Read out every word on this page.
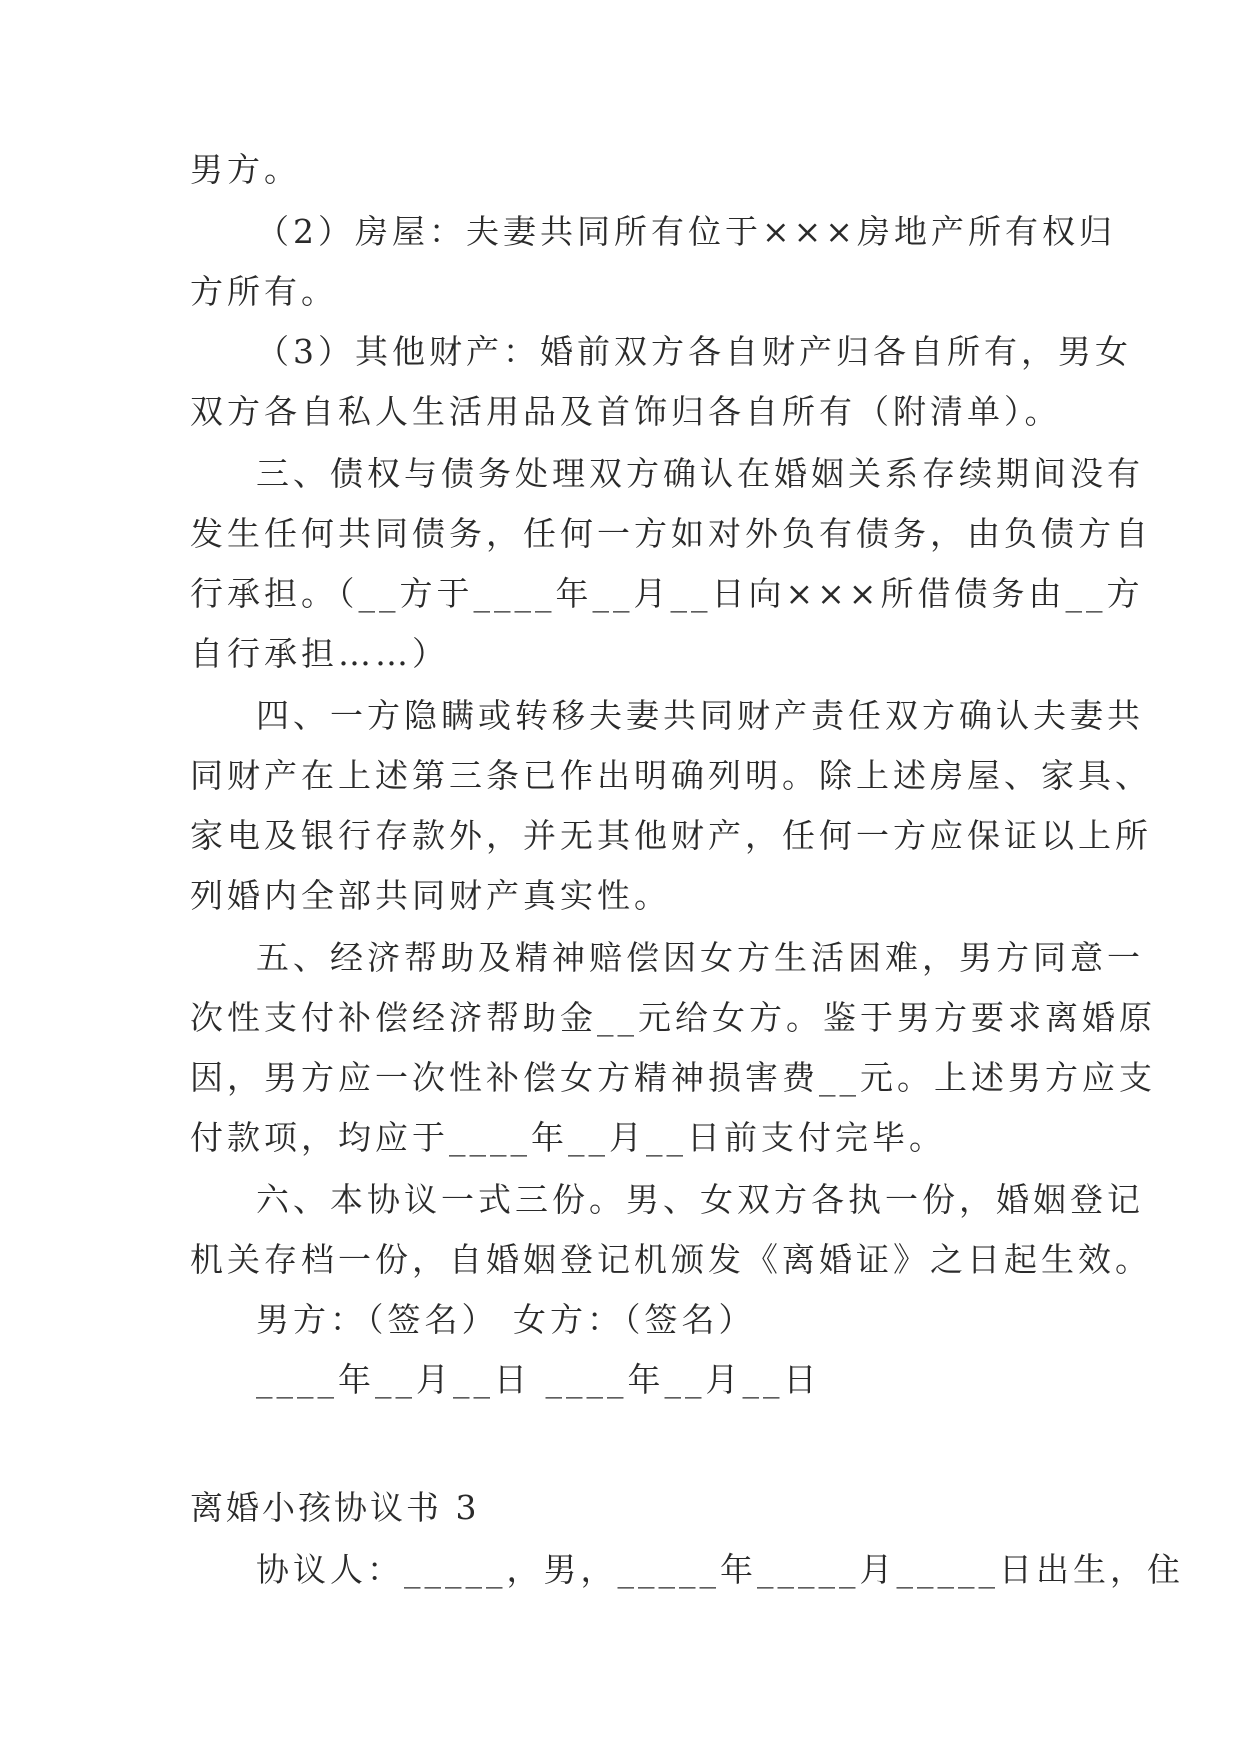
男方。
（2）房屋：夫妻共同所有位于×××房地产所有权归
方所有。
（3）其他财产：婚前双方各自财产归各自所有，男女
双方各自私人生活用品及首饰归各自所有（附清单）。
三、债权与债务处理双方确认在婚姻关系存续期间没有
发生任何共同债务，任何一方如对外负有债务，由负债方自
行承担。（__方于____年__月__日向×××所借债务由__方
自行承担……）
四、一方隐瞒或转移夫妻共同财产责任双方确认夫妻共
同财产在上述第三条已作出明确列明。除上述房屋、家具、
家电及银行存款外，并无其他财产，任何一方应保证以上所
列婚内全部共同财产真实性。
五、经济帮助及精神赔偿因女方生活困难，男方同意一
次性支付补偿经济帮助金__元给女方。鉴于男方要求离婚原
因，男方应一次性补偿女方精神损害费__元。上述男方应支
付款项，均应于____年__月__日前支付完毕。
六、本协议一式三份。男、女双方各执一份，婚姻登记
机关存档一份，自婚姻登记机颁发《离婚证》之日起生效。
男方：（签名） 女方：（签名）
____年__月__日 ____年__月__日
离婚小孩协议书 3
协议人：_____，男，_____年_____月_____日出生，住
